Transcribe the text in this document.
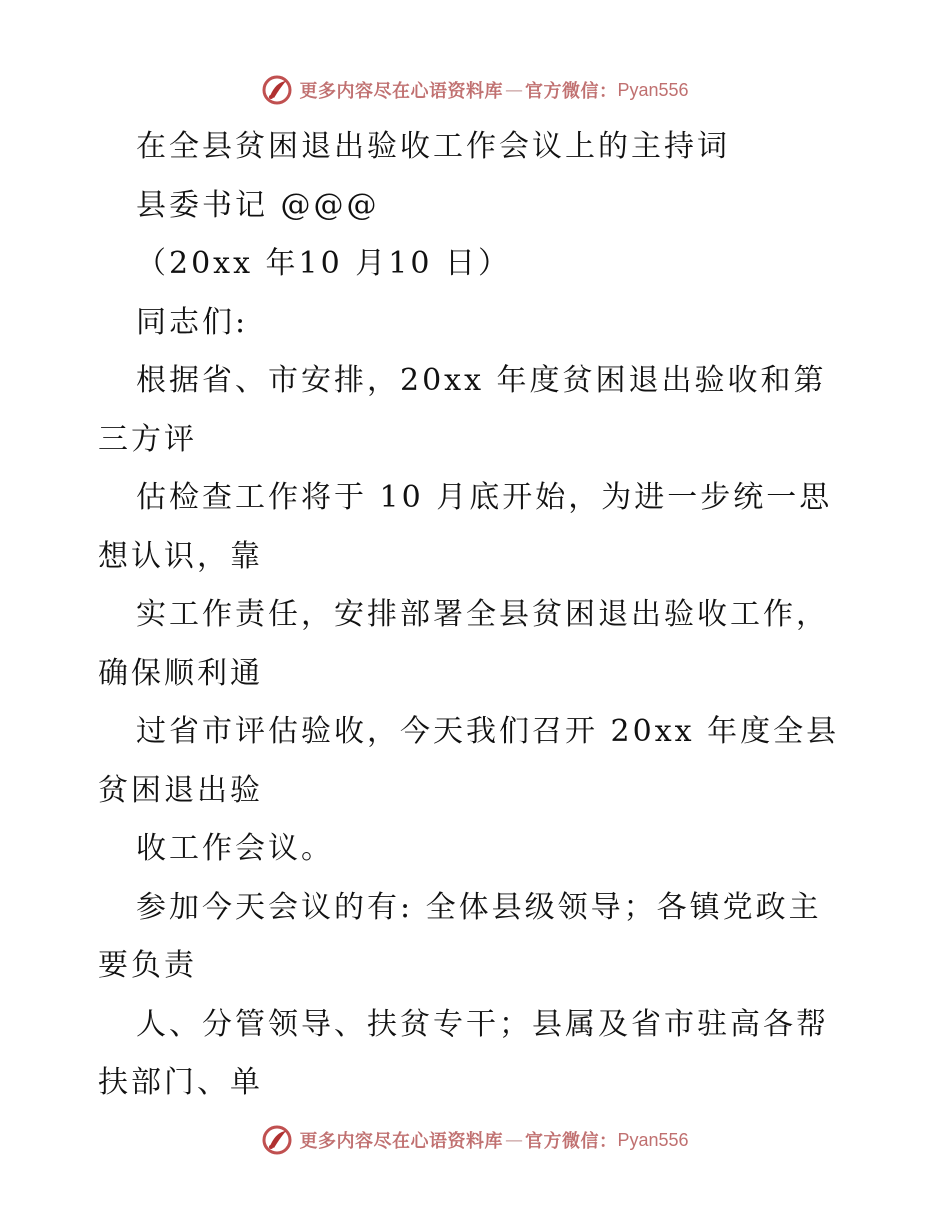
更多内容尽在心语资料库 — 官方微信： Pyan556
在全县贫困退出验收工作会议上的主持词
县委书记 @@@
（20xx 年10 月10 日）
同志们:
根据省、市安排，20xx 年度贫困退出验收和第
三方评
估检查工作将于 10 月底开始，为进一步统一思
想认识，靠
实工作责任，安排部署全县贫困退出验收工作，
确保顺利通
过省市评估验收，今天我们召开 20xx 年度全县
贫困退出验
收工作会议。
参加今天会议的有: 全体县级领导；各镇党政主
要负责
人、分管领导、扶贫专干；县属及省市驻高各帮
扶部门、单
更多内容尽在心语资料库 — 官方微信： Pyan556
